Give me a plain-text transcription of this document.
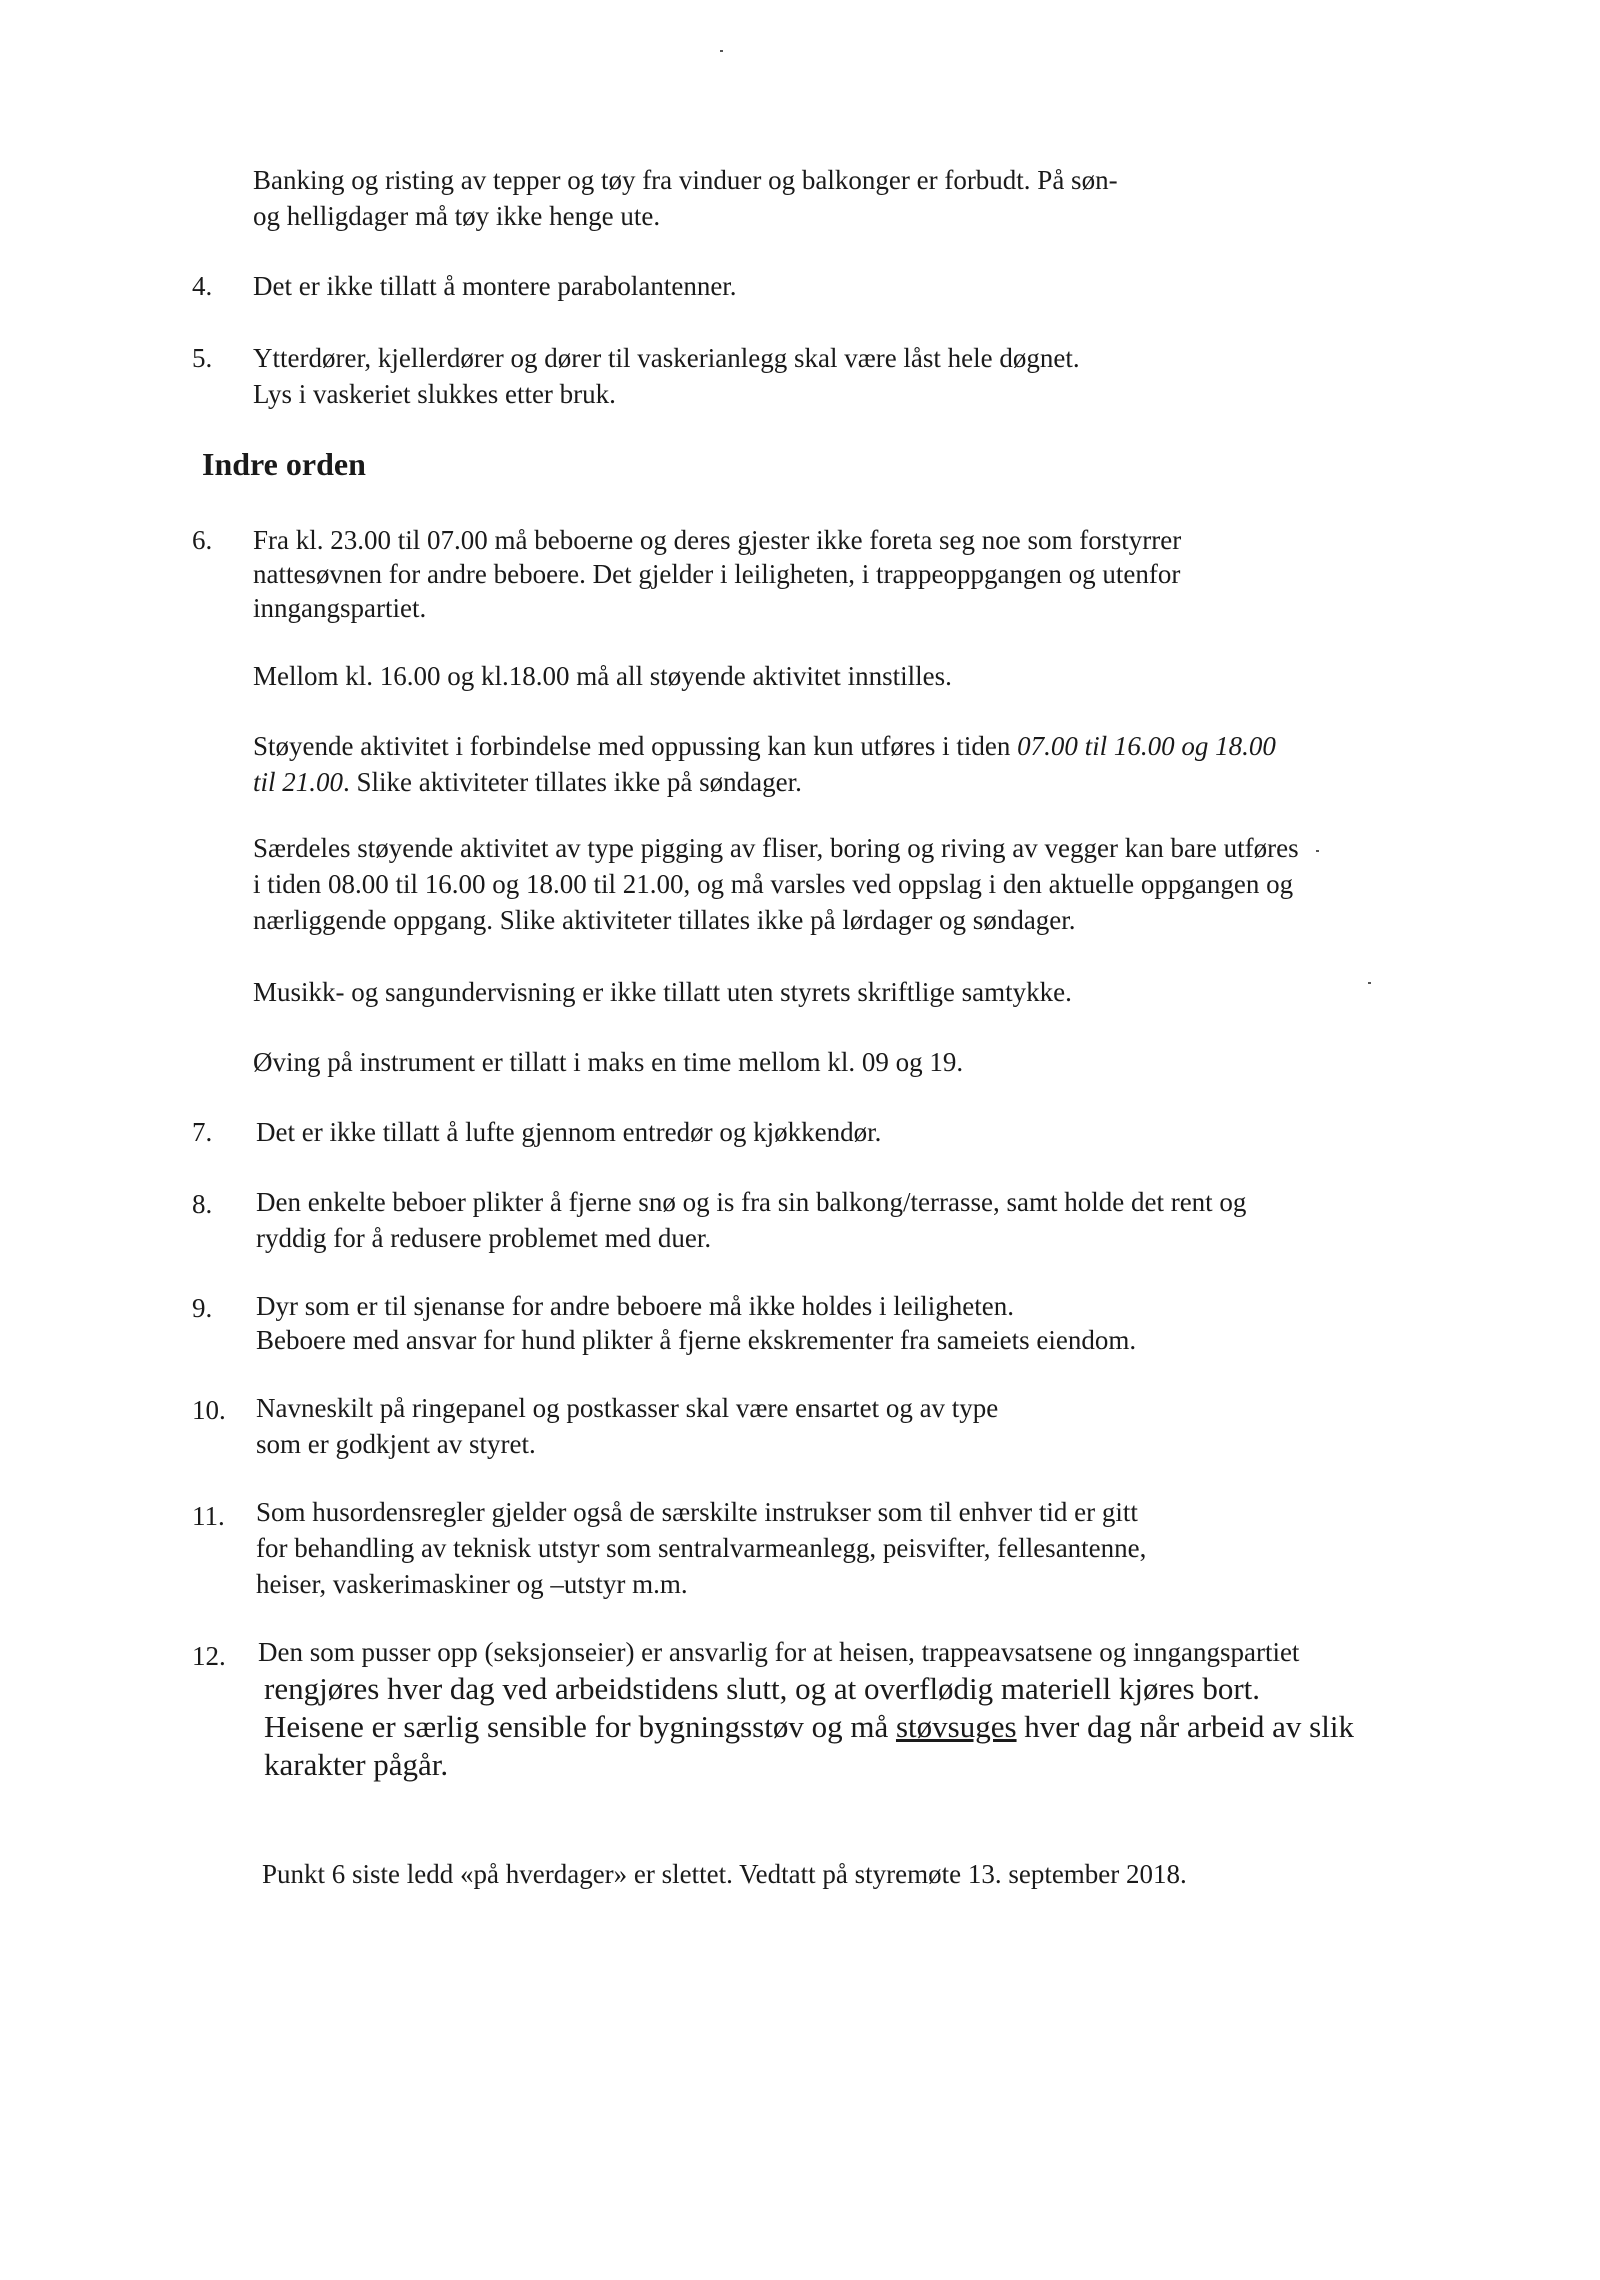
Banking og risting av tepper og tøy fra vinduer og balkonger er forbudt. På søn-
og helligdager må tøy ikke henge ute.
4. Det er ikke tillatt å montere parabolantenner.
5. Ytterdører, kjellerdører og dører til vaskerianlegg skal være låst hele døgnet.
Lys i vaskeriet slukkes etter bruk.
Indre orden
6. Fra kl. 23.00 til 07.00 må beboerne og deres gjester ikke foreta seg noe som forstyrrer
nattesøvnen for andre beboere. Det gjelder i leiligheten, i trappeoppgangen og utenfor
inngangspartiet.
Mellom kl. 16.00 og kl.18.00 må all støyende aktivitet innstilles.
Støyende aktivitet i forbindelse med oppussing kan kun utføres i tiden 07.00 til 16.00 og 18.00
til 21.00. Slike aktiviteter tillates ikke på søndager.
Særdeles støyende aktivitet av type pigging av fliser, boring og riving av vegger kan bare utføres
i tiden 08.00 til 16.00 og 18.00 til 21.00, og må varsles ved oppslag i den aktuelle oppgangen og
nærliggende oppgang. Slike aktiviteter tillates ikke på lørdager og søndager.
Musikk- og sangundervisning er ikke tillatt uten styrets skriftlige samtykke.
Øving på instrument er tillatt i maks en time mellom kl. 09 og 19.
7. Det er ikke tillatt å lufte gjennom entredør og kjøkkendør.
8. Den enkelte beboer plikter å fjerne snø og is fra sin balkong/terrasse, samt holde det rent og
ryddig for å redusere problemet med duer.
9. Dyr som er til sjenanse for andre beboere må ikke holdes i leiligheten.
Beboere med ansvar for hund plikter å fjerne ekskrementer fra sameiets eiendom.
10. Navneskilt på ringepanel og postkasser skal være ensartet og av type
som er godkjent av styret.
11. Som husordensregler gjelder også de særskilte instrukser som til enhver tid er gitt
for behandling av teknisk utstyr som sentralvarmeanlegg, peisvifter, fellesantenne,
heiser, vaskerimaskiner og –utstyr m.m.
12. Den som pusser opp (seksjonseier) er ansvarlig for at heisen, trappeavsatsene og inngangspartiet
rengjøres hver dag ved arbeidstidens slutt, og at overflødig materiell kjøres bort.
Heisene er særlig sensible for bygningsstøv og må støvsuges hver dag når arbeid av slik
karakter pågår.
Punkt 6 siste ledd «på hverdager» er slettet. Vedtatt på styremøte 13. september 2018.
